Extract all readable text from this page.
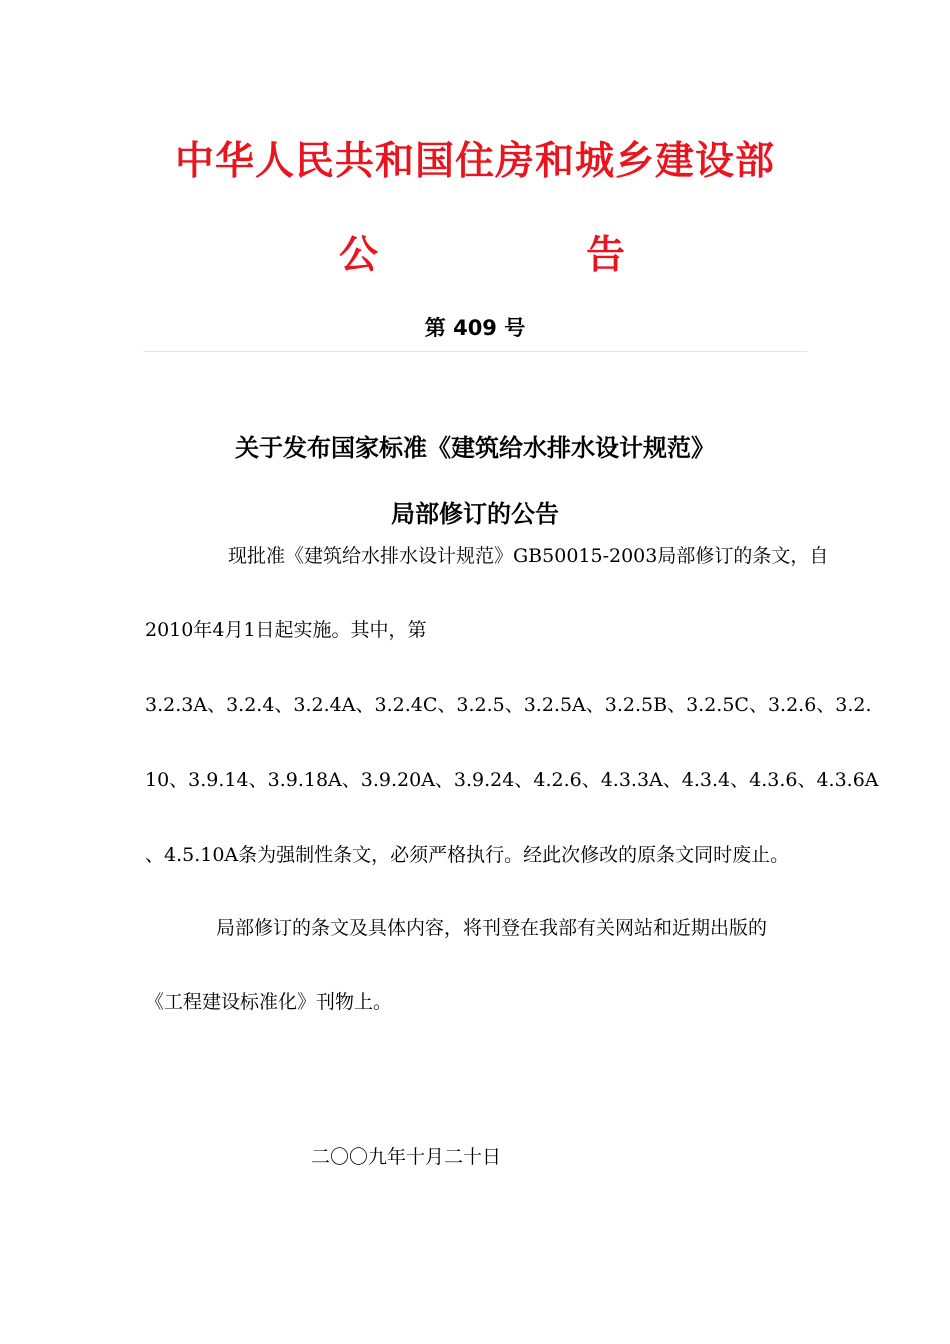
中华人民共和国住房和城乡建设部
公	告
第 409 号
关于发布国家标准《建筑给水排水设计规范》
局部修订的公告
现批准《建筑给水排水设计规范》GB50015-2003局部修订的条文，自
2010年4月1日起实施。其中，第
3.2.3A、3.2.4、3.2.4A、3.2.4C、3.2.5、3.2.5A、3.2.5B、3.2.5C、3.2.6、3.2.
10、3.9.14、3.9.18A、3.9.20A、3.9.24、4.2.6、4.3.3A、4.3.4、4.3.6、4.3.6A
、4.5.10A条为强制性条文，必须严格执行。经此次修改的原条文同时废止。
局部修订的条文及具体内容，将刊登在我部有关网站和近期出版的
《工程建设标准化》刊物上。
二〇〇九年十月二十日
